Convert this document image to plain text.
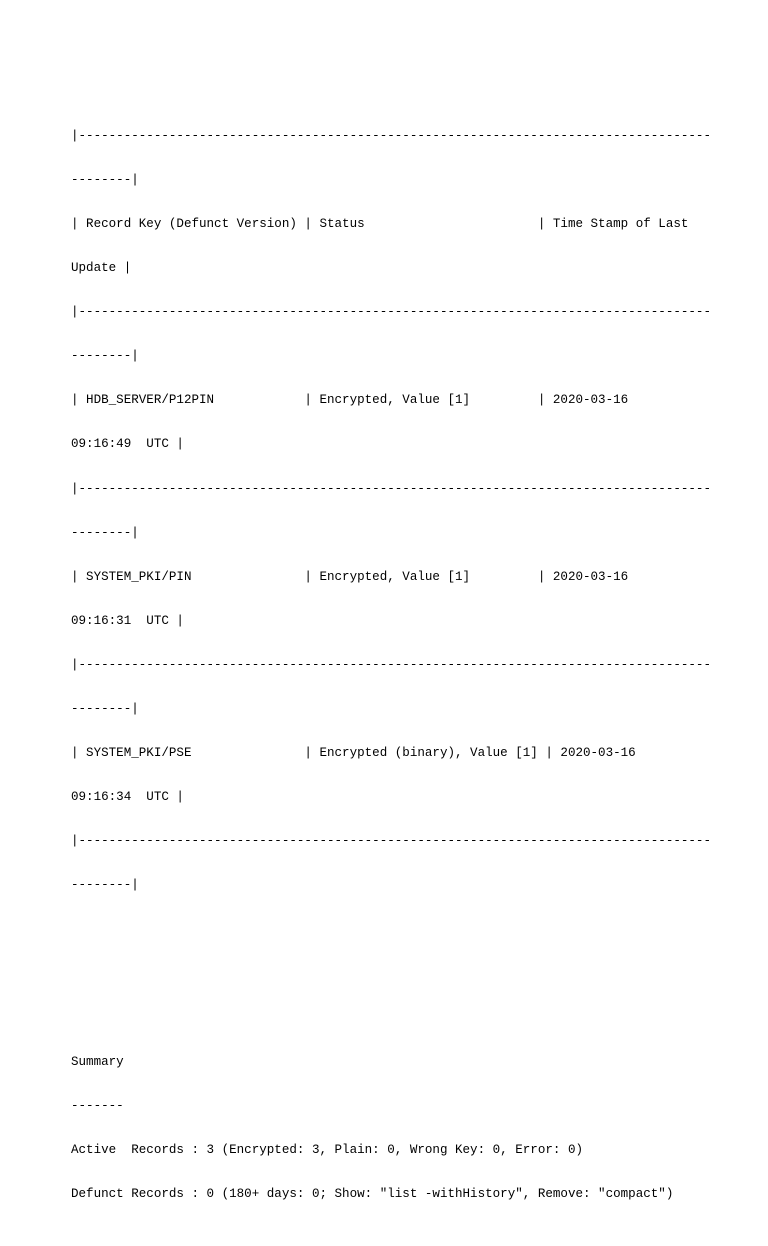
|------------------------------------------------------------------------------------

--------|

| Record Key (Defunct Version) | Status                       | Time Stamp of Last

Update |

|------------------------------------------------------------------------------------

--------|

| HDB_SERVER/P12PIN            | Encrypted, Value [1]         | 2020-03-16

09:16:49  UTC |

|------------------------------------------------------------------------------------

--------|

| SYSTEM_PKI/PIN               | Encrypted, Value [1]         | 2020-03-16

09:16:31  UTC |

|------------------------------------------------------------------------------------

--------|

| SYSTEM_PKI/PSE               | Encrypted (binary), Value [1] | 2020-03-16

09:16:34  UTC |

|------------------------------------------------------------------------------------

--------|

Summary

-------

Active  Records : 3 (Encrypted: 3, Plain: 0, Wrong Key: 0, Error: 0)

Defunct Records : 0 (180+ days: 0; Show: "list -withHistory", Remove: "compact")
